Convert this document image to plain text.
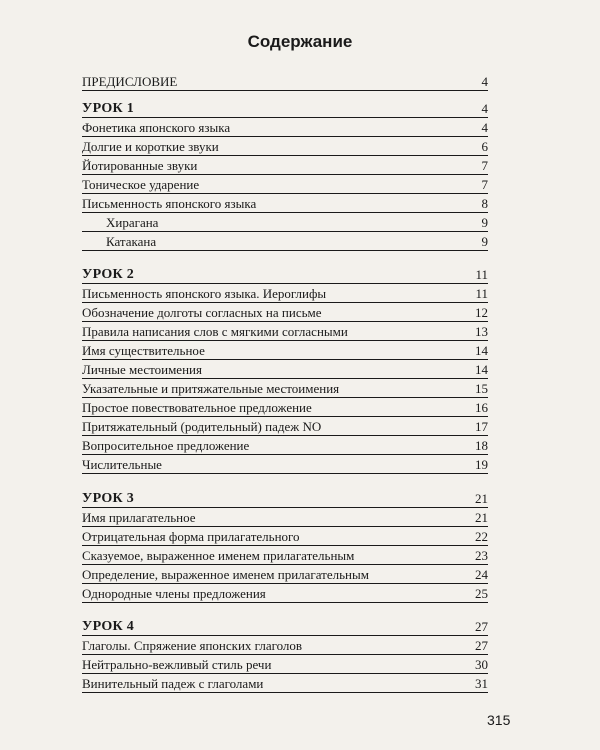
Содержание
ПРЕДИСЛОВИЕ	4
УРОК 1	4
Фонетика японского языка	4
Долгие и короткие звуки	6
Йотированные звуки	7
Тоническое ударение	7
Письменность японского языка	8
Хирагана	9
Катакана	9
УРОК 2	11
Письменность японского языка. Иероглифы	11
Обозначение долготы согласных на письме	12
Правила написания слов с мягкими согласными	13
Имя существительное	14
Личные местоимения	14
Указательные и притяжательные местоимения	15
Простое повествовательное предложение	16
Притяжательный (родительный) падеж NO	17
Вопросительное предложение	18
Числительные	19
УРОК 3	21
Имя прилагательное	21
Отрицательная форма прилагательного	22
Сказуемое, выраженное именем прилагательным	23
Определение, выраженное именем прилагательным	24
Однородные члены предложения	25
УРОК 4	27
Глаголы. Спряжение японских глаголов	27
Нейтрально-вежливый стиль речи	30
Винительный падеж с глаголами	31
315
